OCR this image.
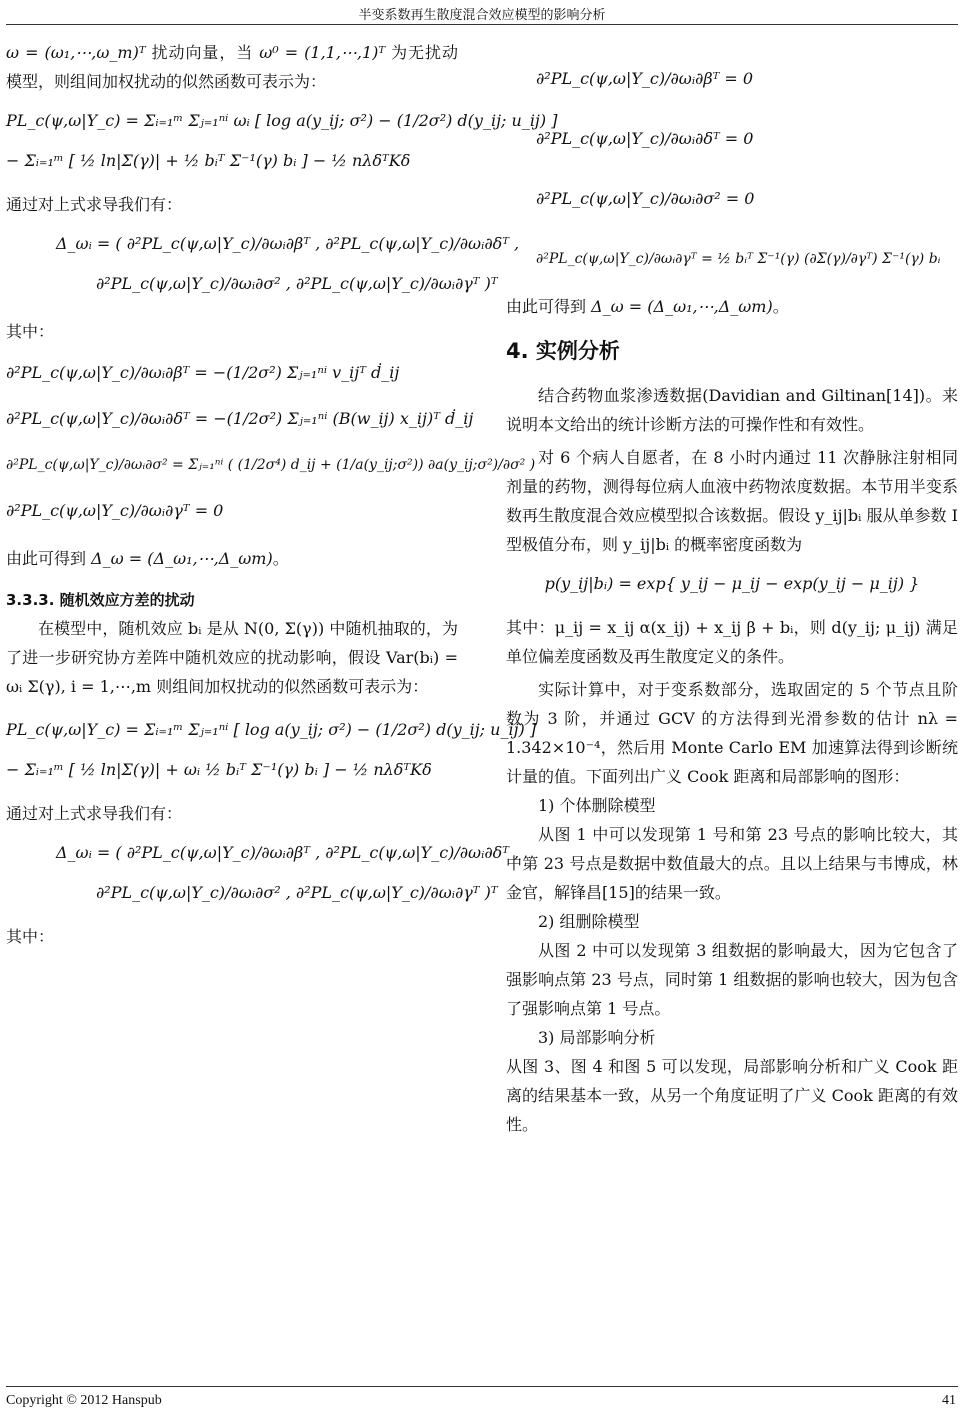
半变系数再生散度混合效应模型的影响分析

ω = (ω₁,⋯,ω_m)ᵀ 扰动向量，当 ω⁰ = (1,1,⋯,1)ᵀ 为无扰动模型，则组间加权扰动的似然函数可表示为：

PL_c(ψ,ω|Y_c) = Σᵢ₌₁ᵐ Σⱼ₌₁ⁿⁱ ωᵢ [ log a(y_ij; σ²) − (1/2σ²) d(y_ij; u_ij) ]
− Σᵢ₌₁ᵐ [ ½ ln|Σ(γ)| + ½ bᵢᵀ Σ⁻¹(γ) bᵢ ] − ½ nλδᵀKδ

通过对上式求导我们有：

Δ_ωᵢ = ( ∂²PL_c(ψ,ω|Y_c)/∂ωᵢ∂βᵀ , ∂²PL_c(ψ,ω|Y_c)/∂ωᵢ∂δᵀ ,
∂²PL_c(ψ,ω|Y_c)/∂ωᵢ∂σ² , ∂²PL_c(ψ,ω|Y_c)/∂ωᵢ∂γᵀ )ᵀ

其中：

∂²PL_c(ψ,ω|Y_c)/∂ωᵢ∂βᵀ = −(1/2σ²) Σⱼ₌₁ⁿⁱ v_ijᵀ ḋ_ij
∂²PL_c(ψ,ω|Y_c)/∂ωᵢ∂δᵀ = −(1/2σ²) Σⱼ₌₁ⁿⁱ (B(w_ij) x_ij)ᵀ ḋ_ij
∂²PL_c(ψ,ω|Y_c)/∂ωᵢ∂σ² = Σⱼ₌₁ⁿⁱ ( (1/2σ⁴) d_ij + (1/a(y_ij;σ²)) ∂a(y_ij;σ²)/∂σ² )
∂²PL_c(ψ,ω|Y_c)/∂ωᵢ∂γᵀ = 0

由此可得到 Δ_ω = (Δ_ω₁,⋯,Δ_ωm)。

3.3.3. 随机效应方差的扰动

在模型中，随机效应 bᵢ 是从 N(0, Σ(γ)) 中随机抽取的，为了进一步研究协方差阵中随机效应的扰动影响，假设 Var(bᵢ) = ωᵢ Σ(γ), i = 1,⋯,m 则组间加权扰动的似然函数可表示为：

PL_c(ψ,ω|Y_c) = Σᵢ₌₁ᵐ Σⱼ₌₁ⁿⁱ [ log a(y_ij; σ²) − (1/2σ²) d(y_ij; u_ij) ]
− Σᵢ₌₁ᵐ [ ½ ln|Σ(γ)| + ωᵢ ½ bᵢᵀ Σ⁻¹(γ) bᵢ ] − ½ nλδᵀKδ

通过对上式求导我们有：

Δ_ωᵢ = ( ∂²PL_c(ψ,ω|Y_c)/∂ωᵢ∂βᵀ , ∂²PL_c(ψ,ω|Y_c)/∂ωᵢ∂δᵀ ,
∂²PL_c(ψ,ω|Y_c)/∂ωᵢ∂σ² , ∂²PL_c(ψ,ω|Y_c)/∂ωᵢ∂γᵀ )ᵀ

其中：

∂²PL_c(ψ,ω|Y_c)/∂ωᵢ∂βᵀ = 0
∂²PL_c(ψ,ω|Y_c)/∂ωᵢ∂δᵀ = 0
∂²PL_c(ψ,ω|Y_c)/∂ωᵢ∂σ² = 0
∂²PL_c(ψ,ω|Y_c)/∂ωᵢ∂γᵀ = ½ bᵢᵀ Σ⁻¹(γ) (∂Σ(γ)/∂γᵀ) Σ⁻¹(γ) bᵢ

由此可得到 Δ_ω = (Δ_ω₁,⋯,Δ_ωm)。

4. 实例分析

结合药物血浆渗透数据(Davidian and Giltinan[14])。来说明本文给出的统计诊断方法的可操作性和有效性。

对 6 个病人自愿者，在 8 小时内通过 11 次静脉注射相同剂量的药物，测得每位病人血液中药物浓度数据。本节用半变系数再生散度混合效应模型拟合该数据。假设 y_ij|bᵢ 服从单参数 I 型极值分布，则 y_ij|bᵢ 的概率密度函数为

p(y_ij|bᵢ) = exp{ y_ij − μ_ij − exp(y_ij − μ_ij) }

其中：μ_ij = x_ij α(x_ij) + x_ij β + bᵢ，则 d(y_ij; μ_ij) 满足单位偏差度函数及再生散度定义的条件。

实际计算中，对于变系数部分，选取固定的 5 个节点且阶数为 3 阶，并通过 GCV 的方法得到光滑参数的估计 nλ = 1.342×10⁻⁴，然后用 Monte Carlo EM 加速算法得到诊断统计量的值。下面列出广义 Cook 距离和局部影响的图形：

1) 个体删除模型

从图 1 中可以发现第 1 号和第 23 号点的影响比较大，其中第 23 号点是数据中数值最大的点。且以上结果与韦博成，林金官，解锋昌[15]的结果一致。

2) 组删除模型

从图 2 中可以发现第 3 组数据的影响最大，因为它包含了强影响点第 23 号点，同时第 1 组数据的影响也较大，因为包含了强影响点第 1 号点。

3) 局部影响分析

从图 3、图 4 和图 5 可以发现，局部影响分析和广义 Cook 距离的结果基本一致，从另一个角度证明了广义 Cook 距离的有效性。

Copyright © 2012 Hanspub	41
